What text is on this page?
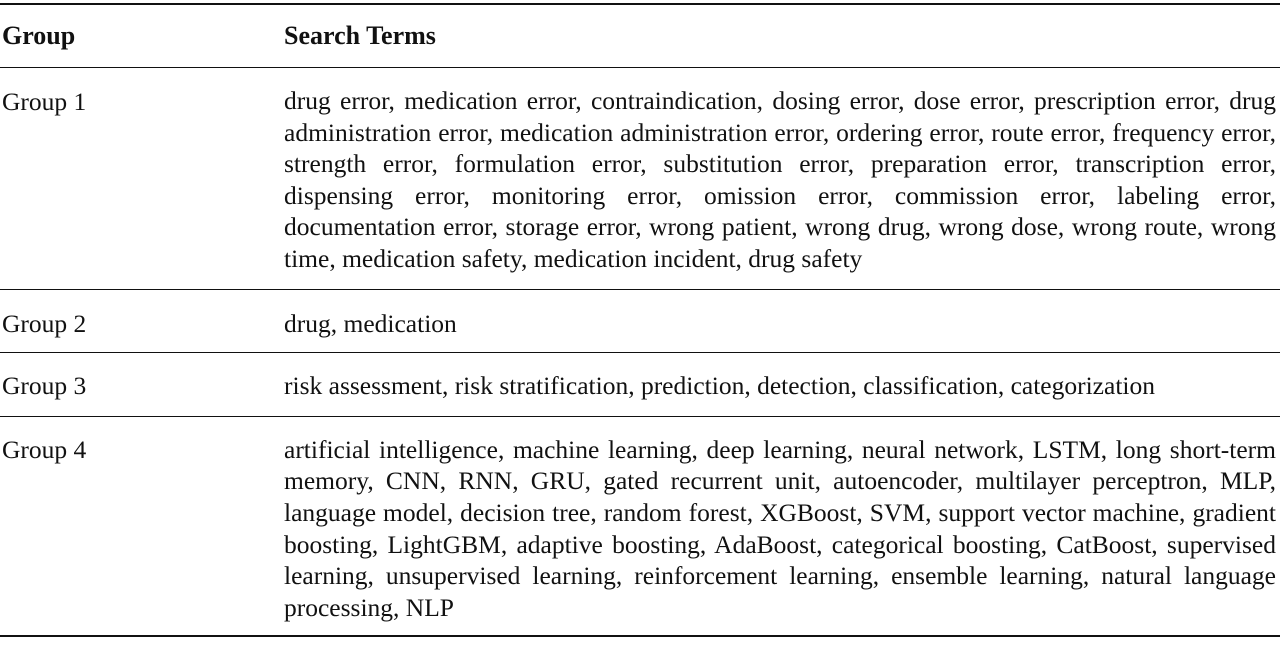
Group	Search Terms
Group 1	drug error, medication error, contraindication, dosing error, dose error, prescription error, drug administration error, medication administration error, ordering error, route error, frequency error, strength error, formulation error, substitution error, preparation error, transcription error, dispensing error, monitoring error, omission error, commission error, labeling error, documentation error, storage error, wrong patient, wrong drug, wrong dose, wrong route, wrong time, medication safety, medication incident, drug safety
Group 2	drug, medication
Group 3	risk assessment, risk stratification, prediction, detection, classification, categorization
Group 4	artificial intelligence, machine learning, deep learning, neural network, LSTM, long short-term memory, CNN, RNN, GRU, gated recurrent unit, autoencoder, multilayer perceptron, MLP, language model, decision tree, random forest, XGBoost, SVM, support vector machine, gradient boosting, LightGBM, adaptive boosting, AdaBoost, categorical boosting, CatBoost, supervised learning, unsupervised learning, reinforcement learning, ensemble learning, natural language processing, NLP
